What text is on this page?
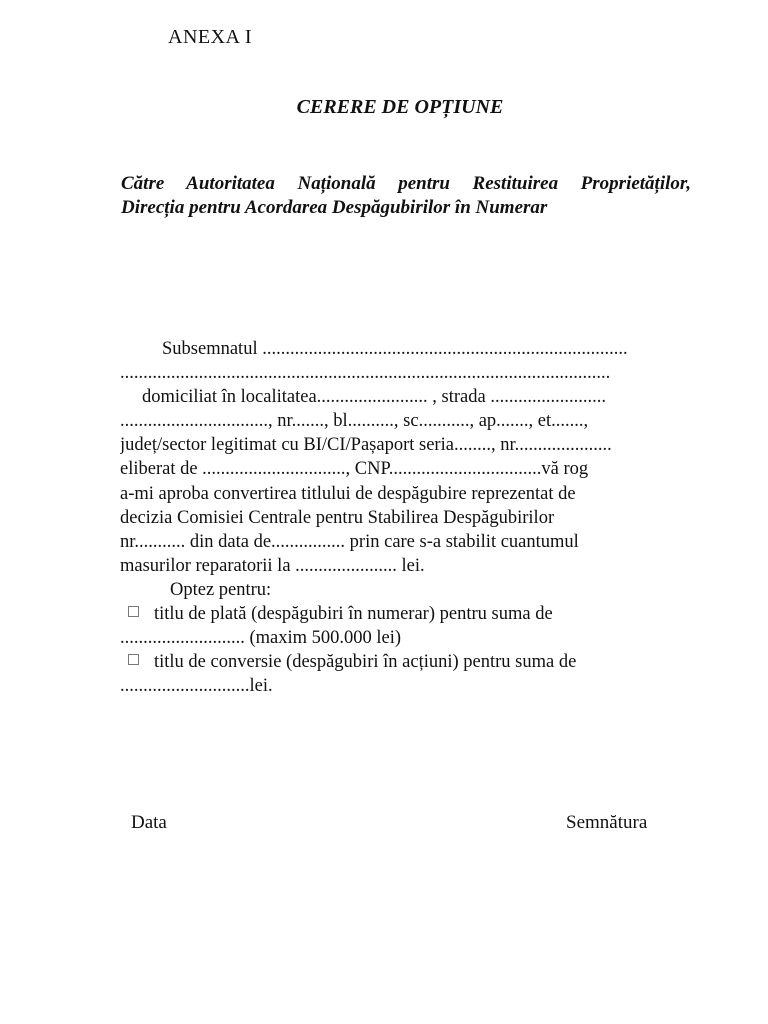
ANEXA I
CERERE DE OPȚIUNE
Către Autoritatea Națională pentru Restituirea Proprietăților,
Direcția pentru Acordarea Despăgubirilor în Numerar
Subsemnatul ...............................................................................
..........................................................................................................
domiciliat în localitatea........................ , strada .........................
................................, nr......., bl.........., sc..........., ap......., et.......,
județ/sector legitimat cu BI/CI/Pașaport seria........, nr.....................
eliberat de ..............................., CNP.................................vă rog
a-mi aproba convertirea titlului de despăgubire reprezentat de
decizia Comisiei Centrale pentru Stabilirea Despăgubirilor
nr........... din data de................ prin care s-a stabilit cuantumul
masurilor reparatorii la ...................... lei.
Optez pentru:
titlu de plată (despăgubiri în numerar) pentru suma de
........................... (maxim 500.000 lei)
titlu de conversie (despăgubiri în acțiuni) pentru suma de
............................lei.
Data	Semnătura
